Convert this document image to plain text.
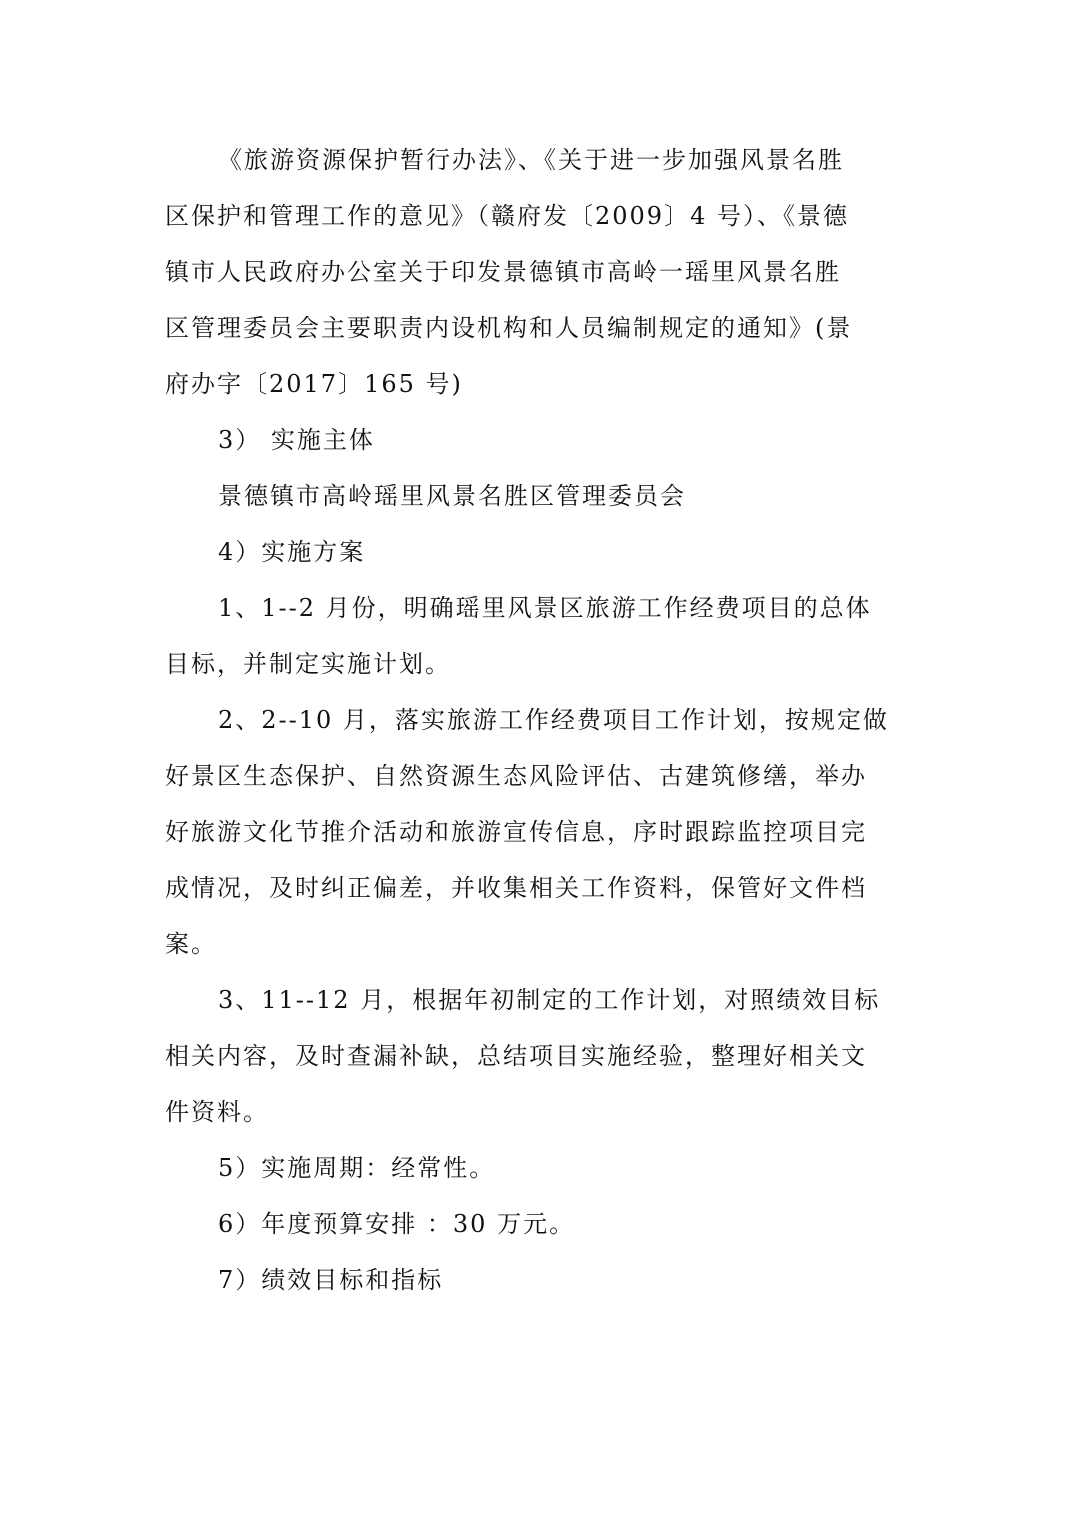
《旅游资源保护暂行办法》、《关于进一步加强风景名胜
区保护和管理工作的意见》（赣府发〔2009〕4 号）、《景德
镇市人民政府办公室关于印发景德镇市高岭一瑶里风景名胜
区管理委员会主要职责内设机构和人员编制规定的通知》(景
府办字〔2017〕165 号)
3） 实施主体
景德镇市高岭瑶里风景名胜区管理委员会
4）实施方案
1、1--2 月份，明确瑶里风景区旅游工作经费项目的总体
目标，并制定实施计划。
2、2--10 月，落实旅游工作经费项目工作计划，按规定做
好景区生态保护、自然资源生态风险评估、古建筑修缮，举办
好旅游文化节推介活动和旅游宣传信息，序时跟踪监控项目完
成情况，及时纠正偏差，并收集相关工作资料，保管好文件档
案。
3、11--12 月，根据年初制定的工作计划，对照绩效目标
相关内容，及时查漏补缺，总结项目实施经验，整理好相关文
件资料。
5）实施周期：经常性。
6）年度预算安排 ：30 万元。
7）绩效目标和指标
